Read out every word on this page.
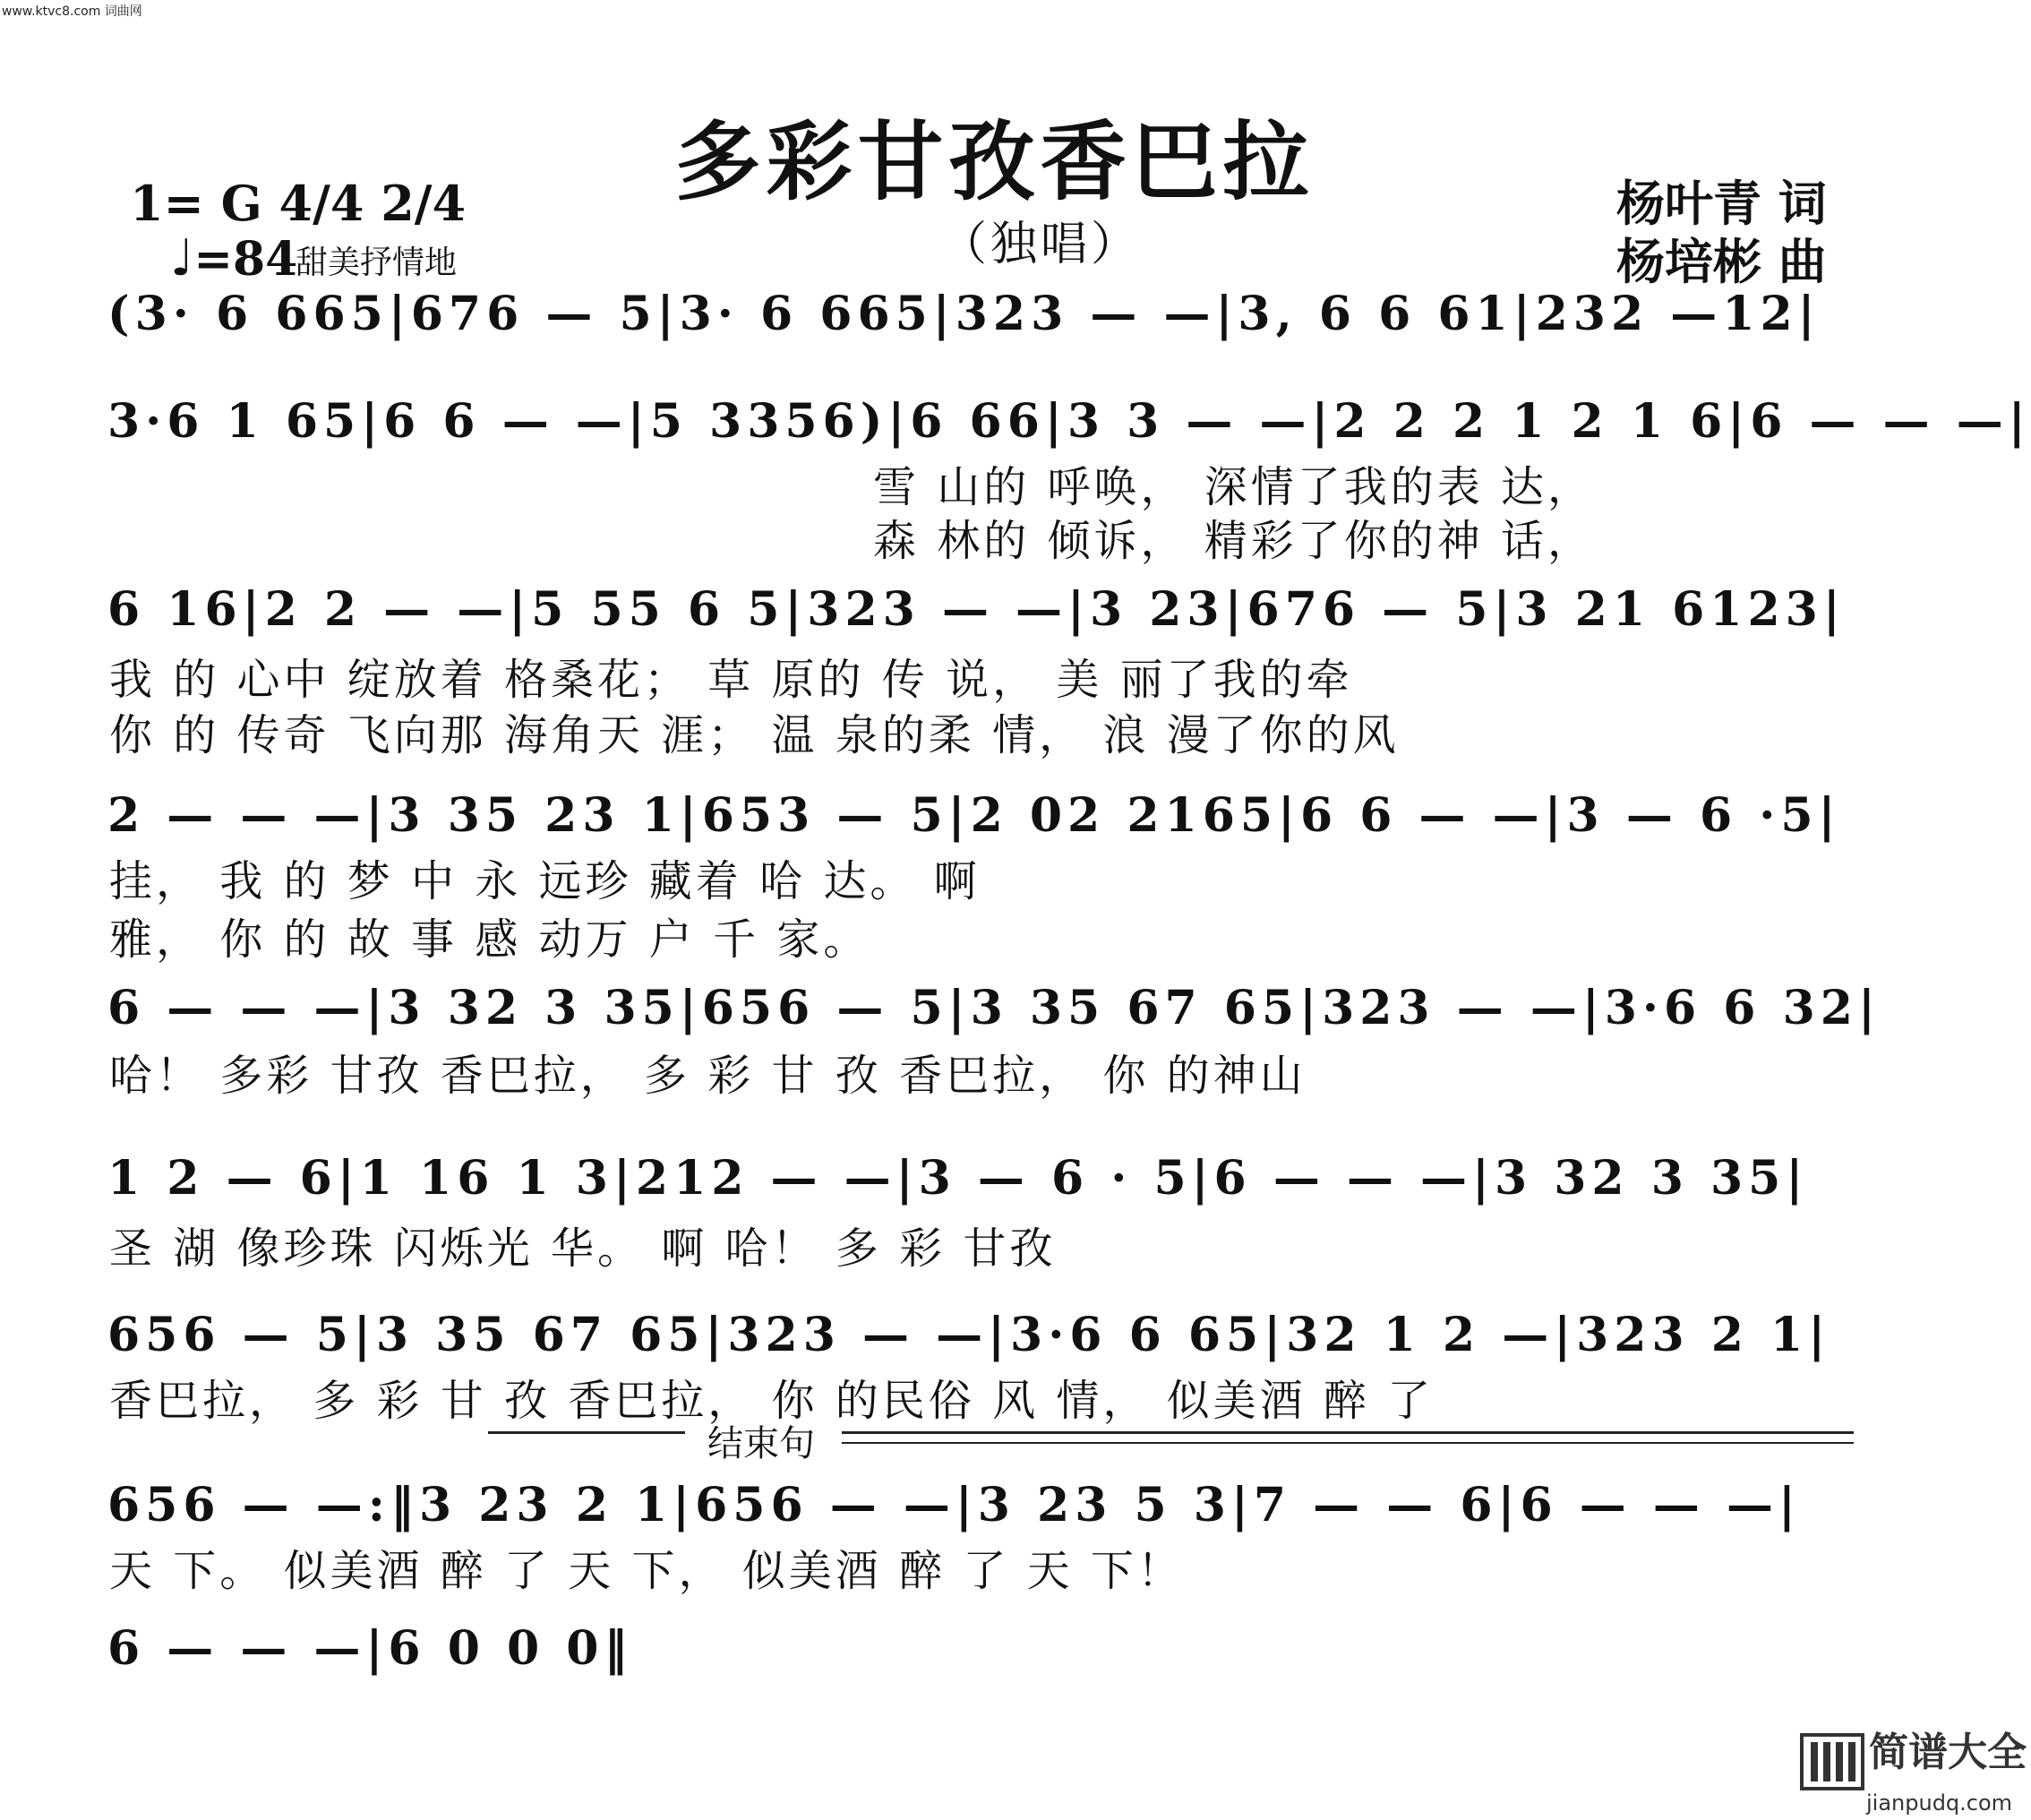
www.ktvc8.com 词曲网
多彩甘孜香巴拉
（独唱）
1= G 4/4 2/4
♩=84
甜美抒情地
杨叶青 词
杨培彬 曲
(3· 6 665|676 — 5|3· 6 665|323 — —|3, 6 6 61|232 —12|
3·6 1 65|6 6 — —|5 3356)|6 66|3 3 — —|2 2 2 1 2 1 6|6 — — —|
雪 山的 呼唤， 深情了我的表 达，
森 林的 倾诉， 精彩了你的神 话，
6 16|2 2 — —|5 55 6 5|323 — —|3 23|676 — 5|3 21 6123|
我 的 心中 绽放着 格桑花； 草 原的 传 说， 美 丽了我的牵
你 的 传奇 飞向那 海角天 涯； 温 泉的柔 情， 浪 漫了你的风
2 — — —|3 35 23 1|653 — 5|2 02 2165|6 6 — —|3 — 6 ·5|
挂， 我 的 梦 中 永 远珍 藏着 哈 达。 啊
雅， 你 的 故 事 感 动万 户 千 家。
6 — — —|3 32 3 35|656 — 5|3 35 67 65|323 — —|3·6 6 32|
哈！ 多彩 甘孜 香巴拉， 多 彩 甘 孜 香巴拉， 你 的神山
1 2 — 6|1 16 1 3|212 — —|3 — 6 · 5|6 — — —|3 32 3 35|
圣 湖 像珍珠 闪烁光 华。 啊 哈！ 多 彩 甘孜
656 — 5|3 35 67 65|323 — —|3·6 6 65|32 1 2 —|323 2 1|
香巴拉， 多 彩 甘 孜 香巴拉， 你 的民俗 风 情， 似美酒 醉 了
结束句
656 — —:‖3 23 2 1|656 — —|3 23 5 3|7 — — 6|6 — — —|
天 下。 似美酒 醉 了 天 下， 似美酒 醉 了 天 下！
6 — — —|6 0 0 0‖
简谱大全
jianpudq.com
